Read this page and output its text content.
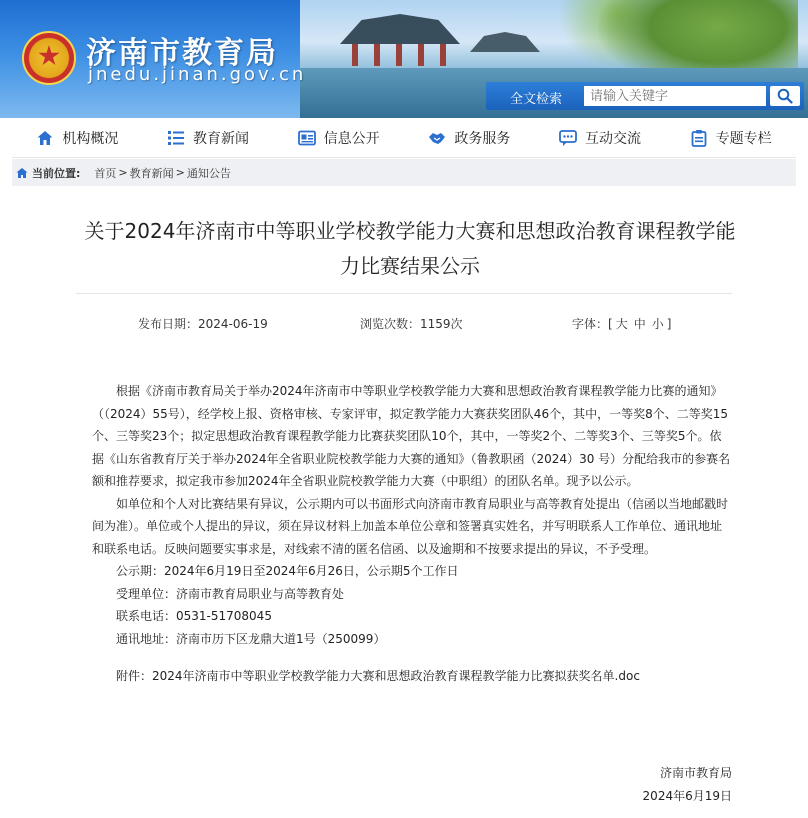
济南市教育局
jnedu.jinan.gov.cn
全文检索
请输入关键字
机构概况	教育新闻	信息公开	政务服务	互动交流	专题专栏
当前位置: 首页 > 教育新闻 > 通知公告
关于2024年济南市中等职业学校教学能力大赛和思想政治教育课程教学能力比赛结果公示
发布日期：2024-06-19	浏览次数：1159次	字体：[ 大 中 小 ]

根据《济南市教育局关于举办2024年济南市中等职业学校教学能力大赛和思想政治教育课程教学能力比赛的通知》（（2024）55号），经学校上报、资格审核、专家评审，拟定教学能力大赛获奖团队46个，其中，一等奖8个、二等奖15个、三等奖23个；拟定思想政治教育课程教学能力比赛获奖团队10个，其中，一等奖2个、二等奖3个、三等奖5个。依据《山东省教育厅关于举办2024年全省职业院校教学能力大赛的通知》（鲁教职函（2024）30 号）分配给我市的参赛名额和推荐要求，拟定我市参加2024年全省职业院校教学能力大赛（中职组）的团队名单。现予以公示。

如单位和个人对比赛结果有异议，公示期内可以书面形式向济南市教育局职业与高等教育处提出（信函以当地邮戳时间为准）。单位或个人提出的异议，须在异议材料上加盖本单位公章和签署真实姓名，并写明联系人工作单位、通讯地址和联系电话。反映问题要实事求是，对线索不清的匿名信函、以及逾期和不按要求提出的异议，不予受理。

公示期：2024年6月19日至2024年6月26日，公示期5个工作日

受理单位：济南市教育局职业与高等教育处

联系电话：0531-51708045

通讯地址：济南市历下区龙鼎大道1号（250099）

附件：2024年济南市中等职业学校教学能力大赛和思想政治教育课程教学能力比赛拟获奖名单.doc

济南市教育局
2024年6月19日
